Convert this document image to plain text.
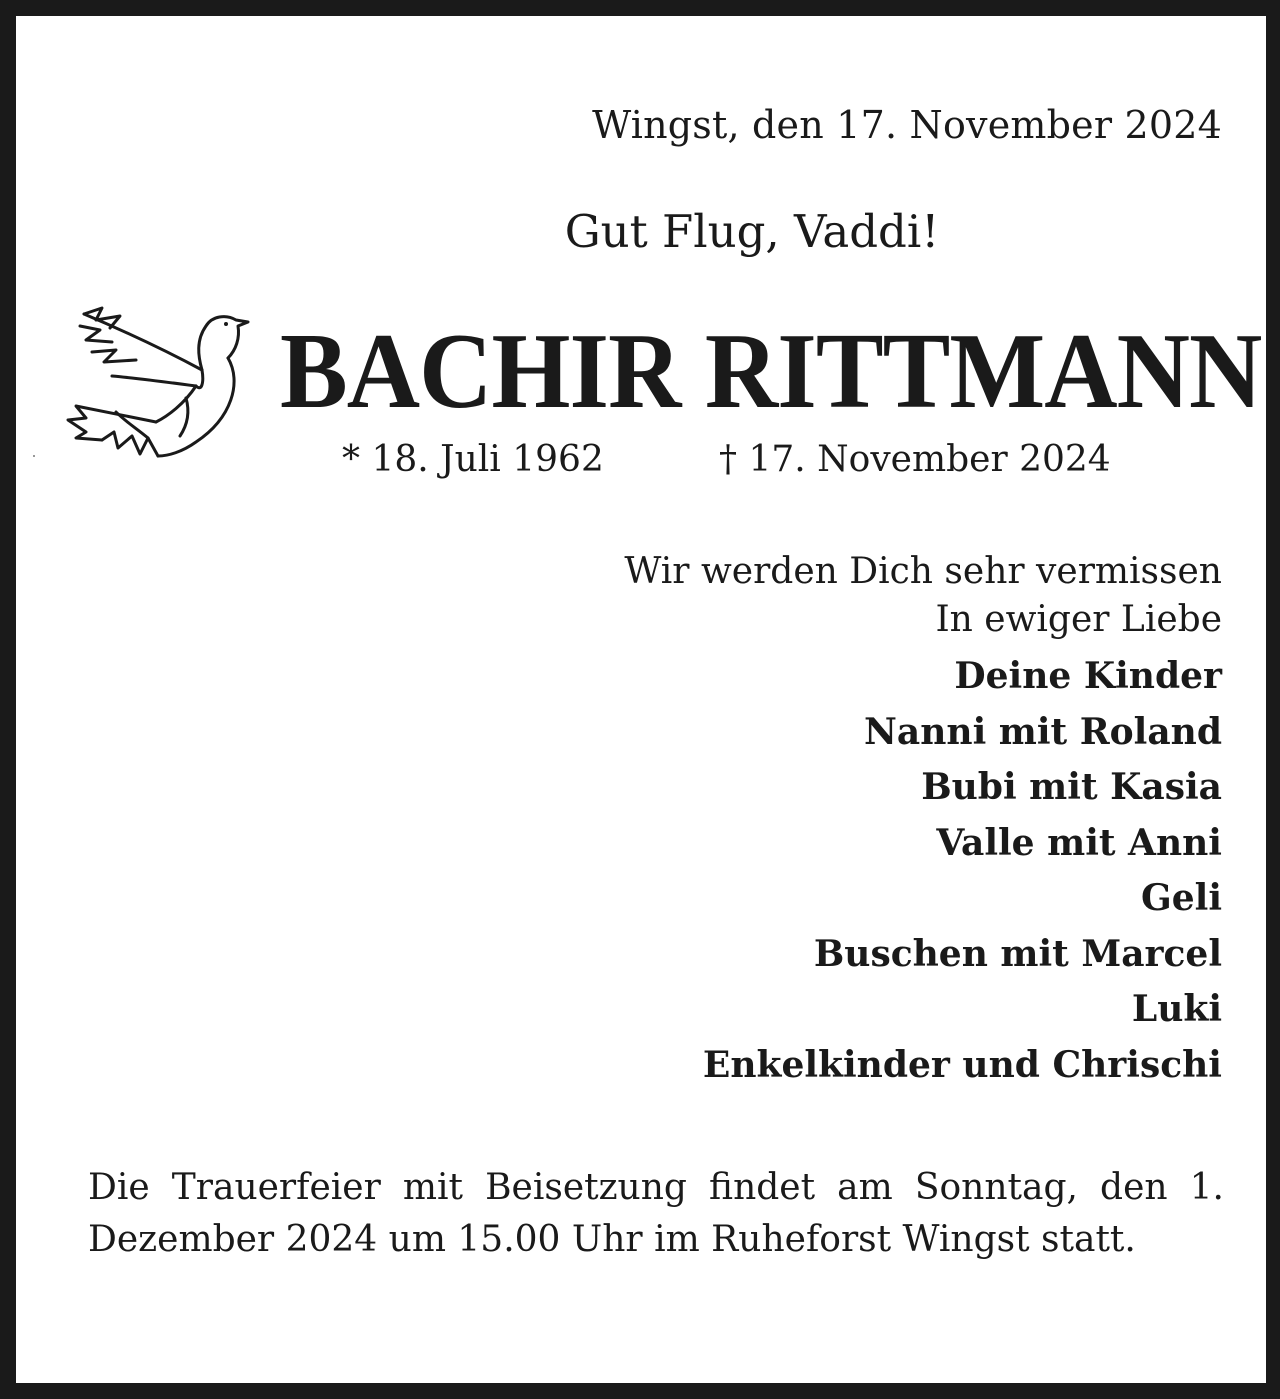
Wingst, den 17. November 2024

Gut Flug, Vaddi!

BACHIR RITTMANN

* 18. Juli 1962	† 17. November 2024

Wir werden Dich sehr vermissen
In ewiger Liebe
Deine Kinder
Nanni mit Roland
Bubi mit Kasia
Valle mit Anni
Geli
Buschen mit Marcel
Luki
Enkelkinder und Chrischi

Die Trauerfeier mit Beisetzung findet am Sonntag, den 1. Dezember 2024 um 15.00 Uhr im Ruheforst Wingst statt.
